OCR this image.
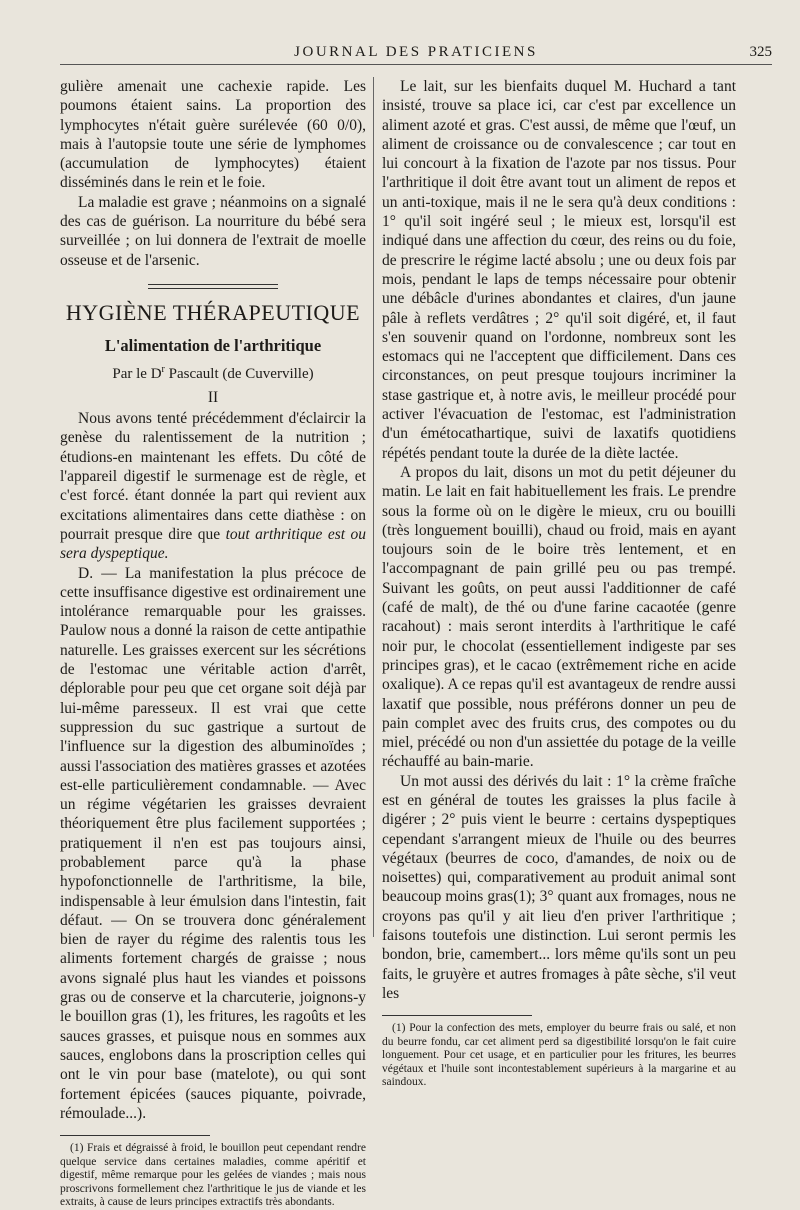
JOURNAL DES PRATICIENS	325

gulière amenait une cachexie rapide. Les poumons étaient sains. La proportion des lymphocytes n'était guère surélevée (60 0/0), mais à l'autopsie toute une série de lymphomes (accumulation de lymphocytes) étaient disséminés dans le rein et le foie.

La maladie est grave ; néanmoins on a signalé des cas de guérison. La nourriture du bébé sera surveillée ; on lui donnera de l'extrait de moelle osseuse et de l'arsenic.

HYGIÈNE THÉRAPEUTIQUE

L'alimentation de l'arthritique

Par le $D^r$ Pascault (de Cuverville)

II

Nous avons tenté précédemment d'éclaircir la genèse du ralentissement de la nutrition ; étudions-en maintenant les effets. Du côté de l'appareil digestif le surmenage est de règle, et c'est forcé. étant donnée la part qui revient aux excitations alimentaires dans cette diathèse : on pourrait presque dire que tout arthritique est ou sera dyspeptique.

D. — La manifestation la plus précoce de cette insuffisance digestive est ordinairement une intolérance remarquable pour les graisses. Paulow nous a donné la raison de cette antipathie naturelle. Les graisses exercent sur les sécrétions de l'estomac une véritable action d'arrêt, déplorable pour peu que cet organe soit déjà par lui-même paresseux. Il est vrai que cette suppression du suc gastrique a surtout de l'influence sur la digestion des albuminoïdes ; aussi l'association des matières grasses et azotées est-elle particulièrement condamnable. — Avec un régime végétarien les graisses devraient théoriquement être plus facilement supportées ; pratiquement il n'en est pas toujours ainsi, probablement parce qu'à la phase hypofonctionnelle de l'arthritisme, la bile, indispensable à leur émulsion dans l'intestin, fait défaut. — On se trouvera donc généralement bien de rayer du régime des ralentis tous les aliments fortement chargés de graisse ; nous avons signalé plus haut les viandes et poissons gras ou de conserve et la charcuterie, joignons-y le bouillon gras (1), les fritures, les ragoûts et les sauces grasses, et puisque nous en sommes aux sauces, englobons dans la proscription celles qui ont le vin pour base (matelote), ou qui sont fortement épicées (sauces piquante, poivrade, rémoulade...).

(1) Frais et dégraissé à froid, le bouillon peut cependant rendre quelque service dans certaines maladies, comme apéritif et digestif, même remarque pour les gelées de viandes ; mais nous proscrivons formellement chez l'arthritique le jus de viande et les extraits, à cause de leurs principes extractifs très abondants.

Le lait, sur les bienfaits duquel M. Huchard a tant insisté, trouve sa place ici, car c'est par excellence un aliment azoté et gras. C'est aussi, de même que l'œuf, un aliment de croissance ou de convalescence ; car tout en lui concourt à la fixation de l'azote par nos tissus. Pour l'arthritique il doit être avant tout un aliment de repos et un anti-toxique, mais il ne le sera qu'à deux conditions : 1° qu'il soit ingéré seul ; le mieux est, lorsqu'il est indiqué dans une affection du cœur, des reins ou du foie, de prescrire le régime lacté absolu ; une ou deux fois par mois, pendant le laps de temps nécessaire pour obtenir une débâcle d'urines abondantes et claires, d'un jaune pâle à reflets verdâtres ; 2° qu'il soit digéré, et, il faut s'en souvenir quand on l'ordonne, nombreux sont les estomacs qui ne l'acceptent que difficilement. Dans ces circonstances, on peut presque toujours incriminer la stase gastrique et, à notre avis, le meilleur procédé pour activer l'évacuation de l'estomac, est l'administration d'un émétocathartique, suivi de laxatifs quotidiens répétés pendant toute la durée de la diète lactée.

A propos du lait, disons un mot du petit déjeuner du matin. Le lait en fait habituellement les frais. Le prendre sous la forme où on le digère le mieux, cru ou bouilli (très longuement bouilli), chaud ou froid, mais en ayant toujours soin de le boire très lentement, et en l'accompagnant de pain grillé peu ou pas trempé. Suivant les goûts, on peut aussi l'additionner de café (café de malt), de thé ou d'une farine cacaotée (genre racahout) : mais seront interdits à l'arthritique le café noir pur, le chocolat (essentiellement indigeste par ses principes gras), et le cacao (extrêmement riche en acide oxalique). A ce repas qu'il est avantageux de rendre aussi laxatif que possible, nous préférons donner un peu de pain complet avec des fruits crus, des compotes ou du miel, précédé ou non d'un assiettée du potage de la veille réchauffé au bain-marie.

Un mot aussi des dérivés du lait : 1° la crème fraîche est en général de toutes les graisses la plus facile à digérer ; 2° puis vient le beurre : certains dyspeptiques cependant s'arrangent mieux de l'huile ou des beurres végétaux (beurres de coco, d'amandes, de noix ou de noisettes) qui, comparativement au produit animal sont beaucoup moins gras(1); 3° quant aux fromages, nous ne croyons pas qu'il y ait lieu d'en priver l'arthritique ; faisons toutefois une distinction. Lui seront permis les bondon, brie, camembert... lors même qu'ils sont un peu faits, le gruyère et autres fromages à pâte sèche, s'il veut les

(1) Pour la confection des mets, employer du beurre frais ou salé, et non du beurre fondu, car cet aliment perd sa digestibilité lorsqu'on le fait cuire longuement. Pour cet usage, et en particulier pour les fritures, les beurres végétaux et l'huile sont incontestablement supérieurs à la margarine et au saindoux.
